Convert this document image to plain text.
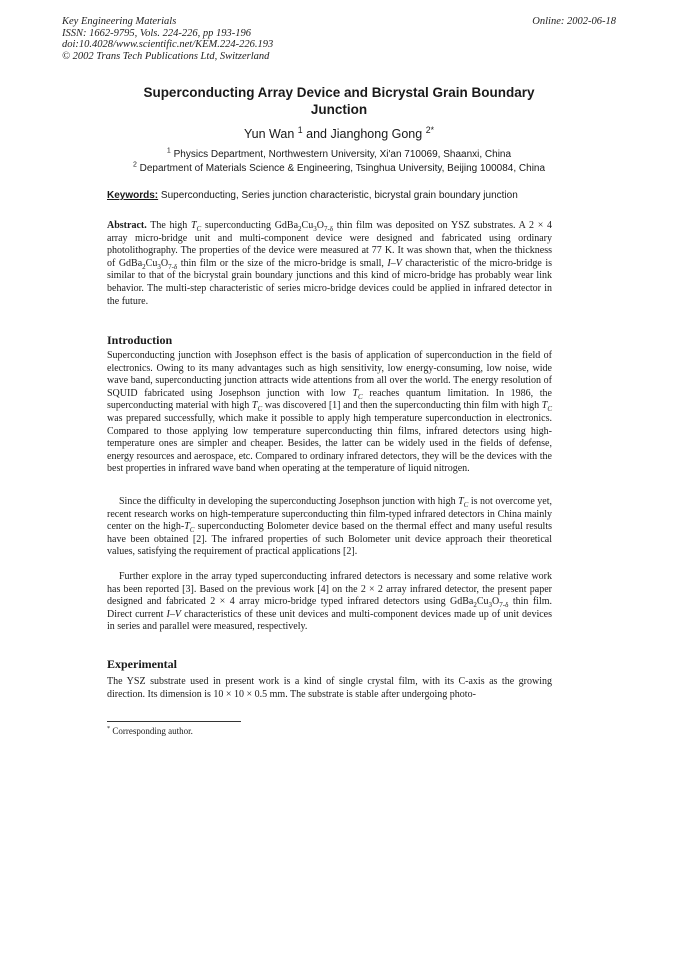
Key Engineering Materials
ISSN: 1662-9795, Vols. 224-226, pp 193-196
doi:10.4028/www.scientific.net/KEM.224-226.193
© 2002 Trans Tech Publications Ltd, Switzerland
Online: 2002-06-18
Superconducting Array Device and Bicrystal Grain Boundary
Junction
Yun Wan $^1$ and Jianghong Gong $^{2*}$
$^1$ Physics Department, Northwestern University, Xi'an 710069, Shaanxi, China
$^2$ Department of Materials Science & Engineering, Tsinghua University, Beijing 100084, China
Keywords: Superconducting, Series junction characteristic, bicrystal grain boundary junction
Abstract. The high $T_C$ superconducting $GdBa_2Cu_3O_{7-\delta}$ thin film was deposited on YSZ substrates. A 2 × 4 array micro-bridge unit and multi-component device were designed and fabricated using ordinary photolithography. The properties of the device were measured at 77 K. It was shown that, when the thickness of $GdBa_2Cu_3O_{7-\delta}$ thin film or the size of the micro-bridge is small, I–V characteristic of the micro-bridge is similar to that of the bicrystal grain boundary junctions and this kind of micro-bridge has probably wear link behavior. The multi-step characteristic of series micro-bridge devices could be applied in infrared detector in the future.
Introduction
Superconducting junction with Josephson effect is the basis of application of superconduction in the field of electronics. Owing to its many advantages such as high sensitivity, low energy-consuming, low noise, wide wave band, superconducting junction attracts wide attentions from all over the world. The energy resolution of SQUID fabricated using Josephson junction with low $T_C$ reaches quantum limitation. In 1986, the superconducting material with high $T_C$ was discovered [1] and then the superconducting thin film with high $T_C$ was prepared successfully, which make it possible to apply high temperature superconduction in electronics. Compared to those applying low temperature superconducting thin films, infrared detectors using high-temperature ones are simpler and cheaper. Besides, the latter can be widely used in the fields of defense, energy resources and aerospace, etc. Compared to ordinary infrared detectors, they will be the devices with the best properties in infrared wave band when operating at the temperature of liquid nitrogen.
Since the difficulty in developing the superconducting Josephson junction with high $T_C$ is not overcome yet, recent research works on high-temperature superconducting thin film-typed infrared detectors in China mainly center on the high-$T_C$ superconducting Bolometer device based on the thermal effect and many useful results have been obtained [2]. The infrared properties of such Bolometer unit device approach their theoretical values, satisfying the requirement of practical applications [2].
Further explore in the array typed superconducting infrared detectors is necessary and some relative work has been reported [3]. Based on the previous work [4] on the 2 × 2 array infrared detector, the present paper designed and fabricated 2 × 4 array micro-bridge typed infrared detectors using $GdBa_2Cu_3O_{7-\delta}$ thin film. Direct current I–V characteristics of these unit devices and multi-component devices made up of unit devices in series and parallel were measured, respectively.
Experimental
The YSZ substrate used in present work is a kind of single crystal film, with its C-axis as the growing direction. Its dimension is 10 × 10 × 0.5 mm. The substrate is stable after undergoing photo-
* Corresponding author.
